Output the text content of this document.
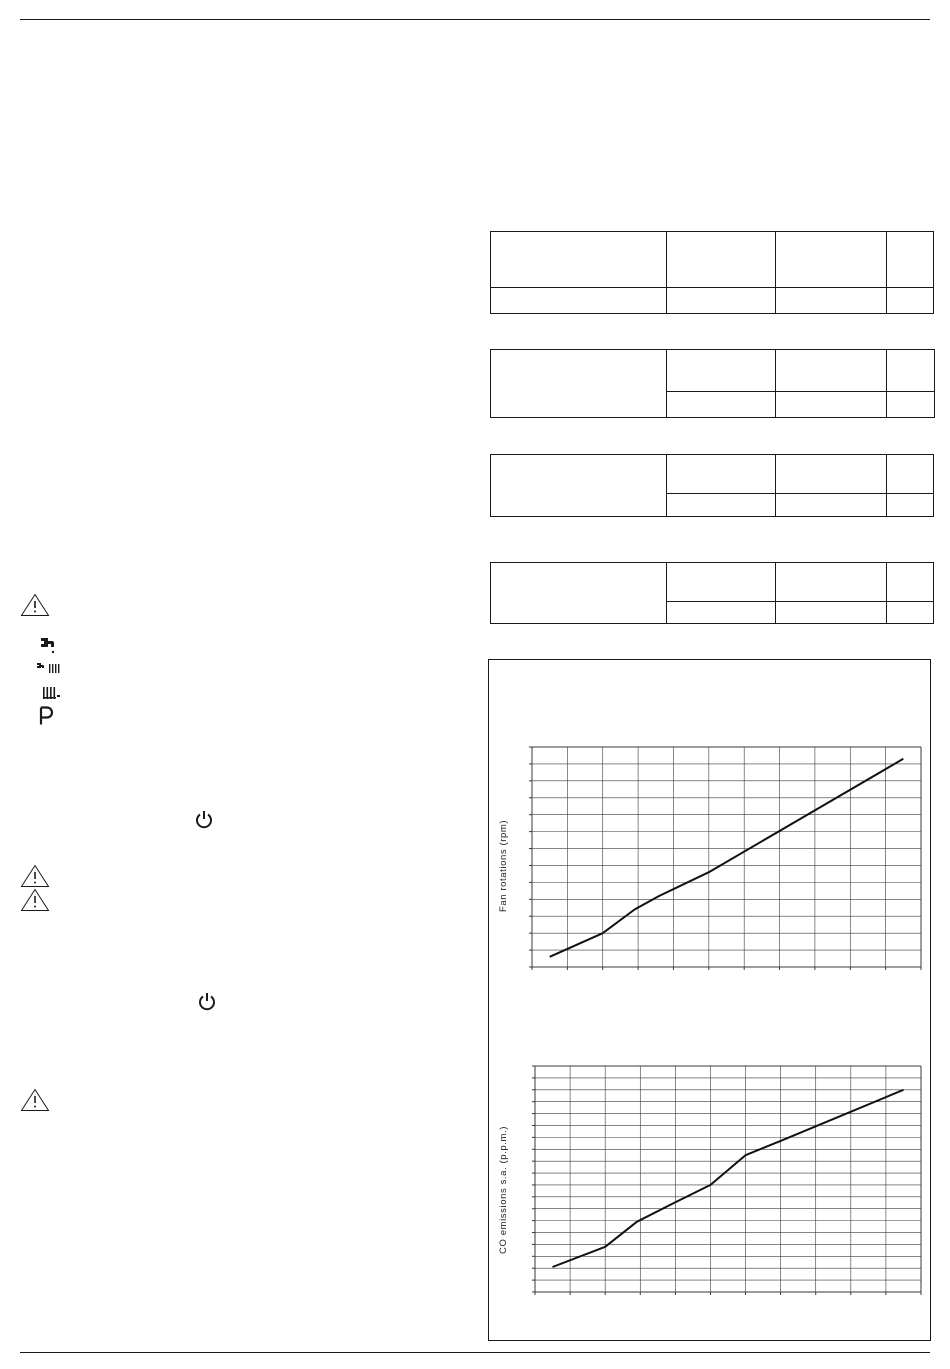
Fan rotations (rpm)
CO emissions s.a. (p.p.m.)
